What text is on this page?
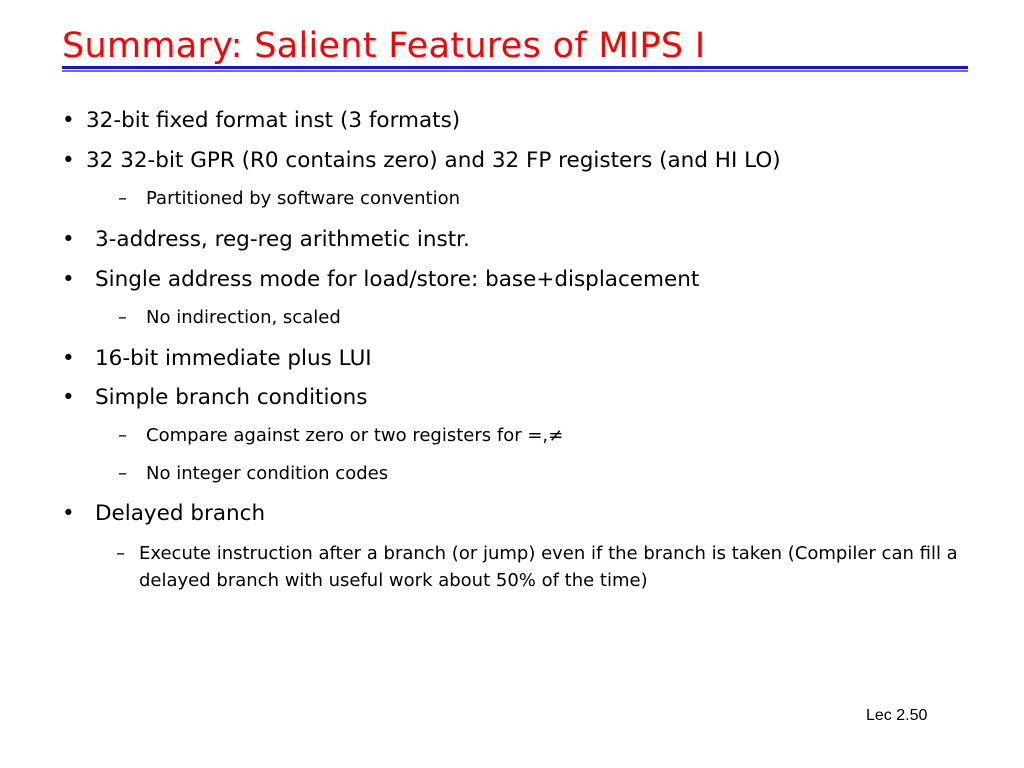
Summary: Salient Features of MIPS I
• 32-bit fixed format inst (3 formats)
• 32 32-bit GPR (R0 contains zero) and 32 FP registers (and HI LO)
– Partitioned by software convention
• 3-address, reg-reg arithmetic instr.
• Single address mode for load/store: base+displacement
– No indirection, scaled
• 16-bit immediate plus LUI
• Simple branch conditions
– Compare against zero or two registers for =,≠
– No integer condition codes
• Delayed branch
– Execute instruction after a branch (or jump) even if the branch is taken (Compiler can fill a delayed branch with useful work about 50% of the time)
Lec 2.50
